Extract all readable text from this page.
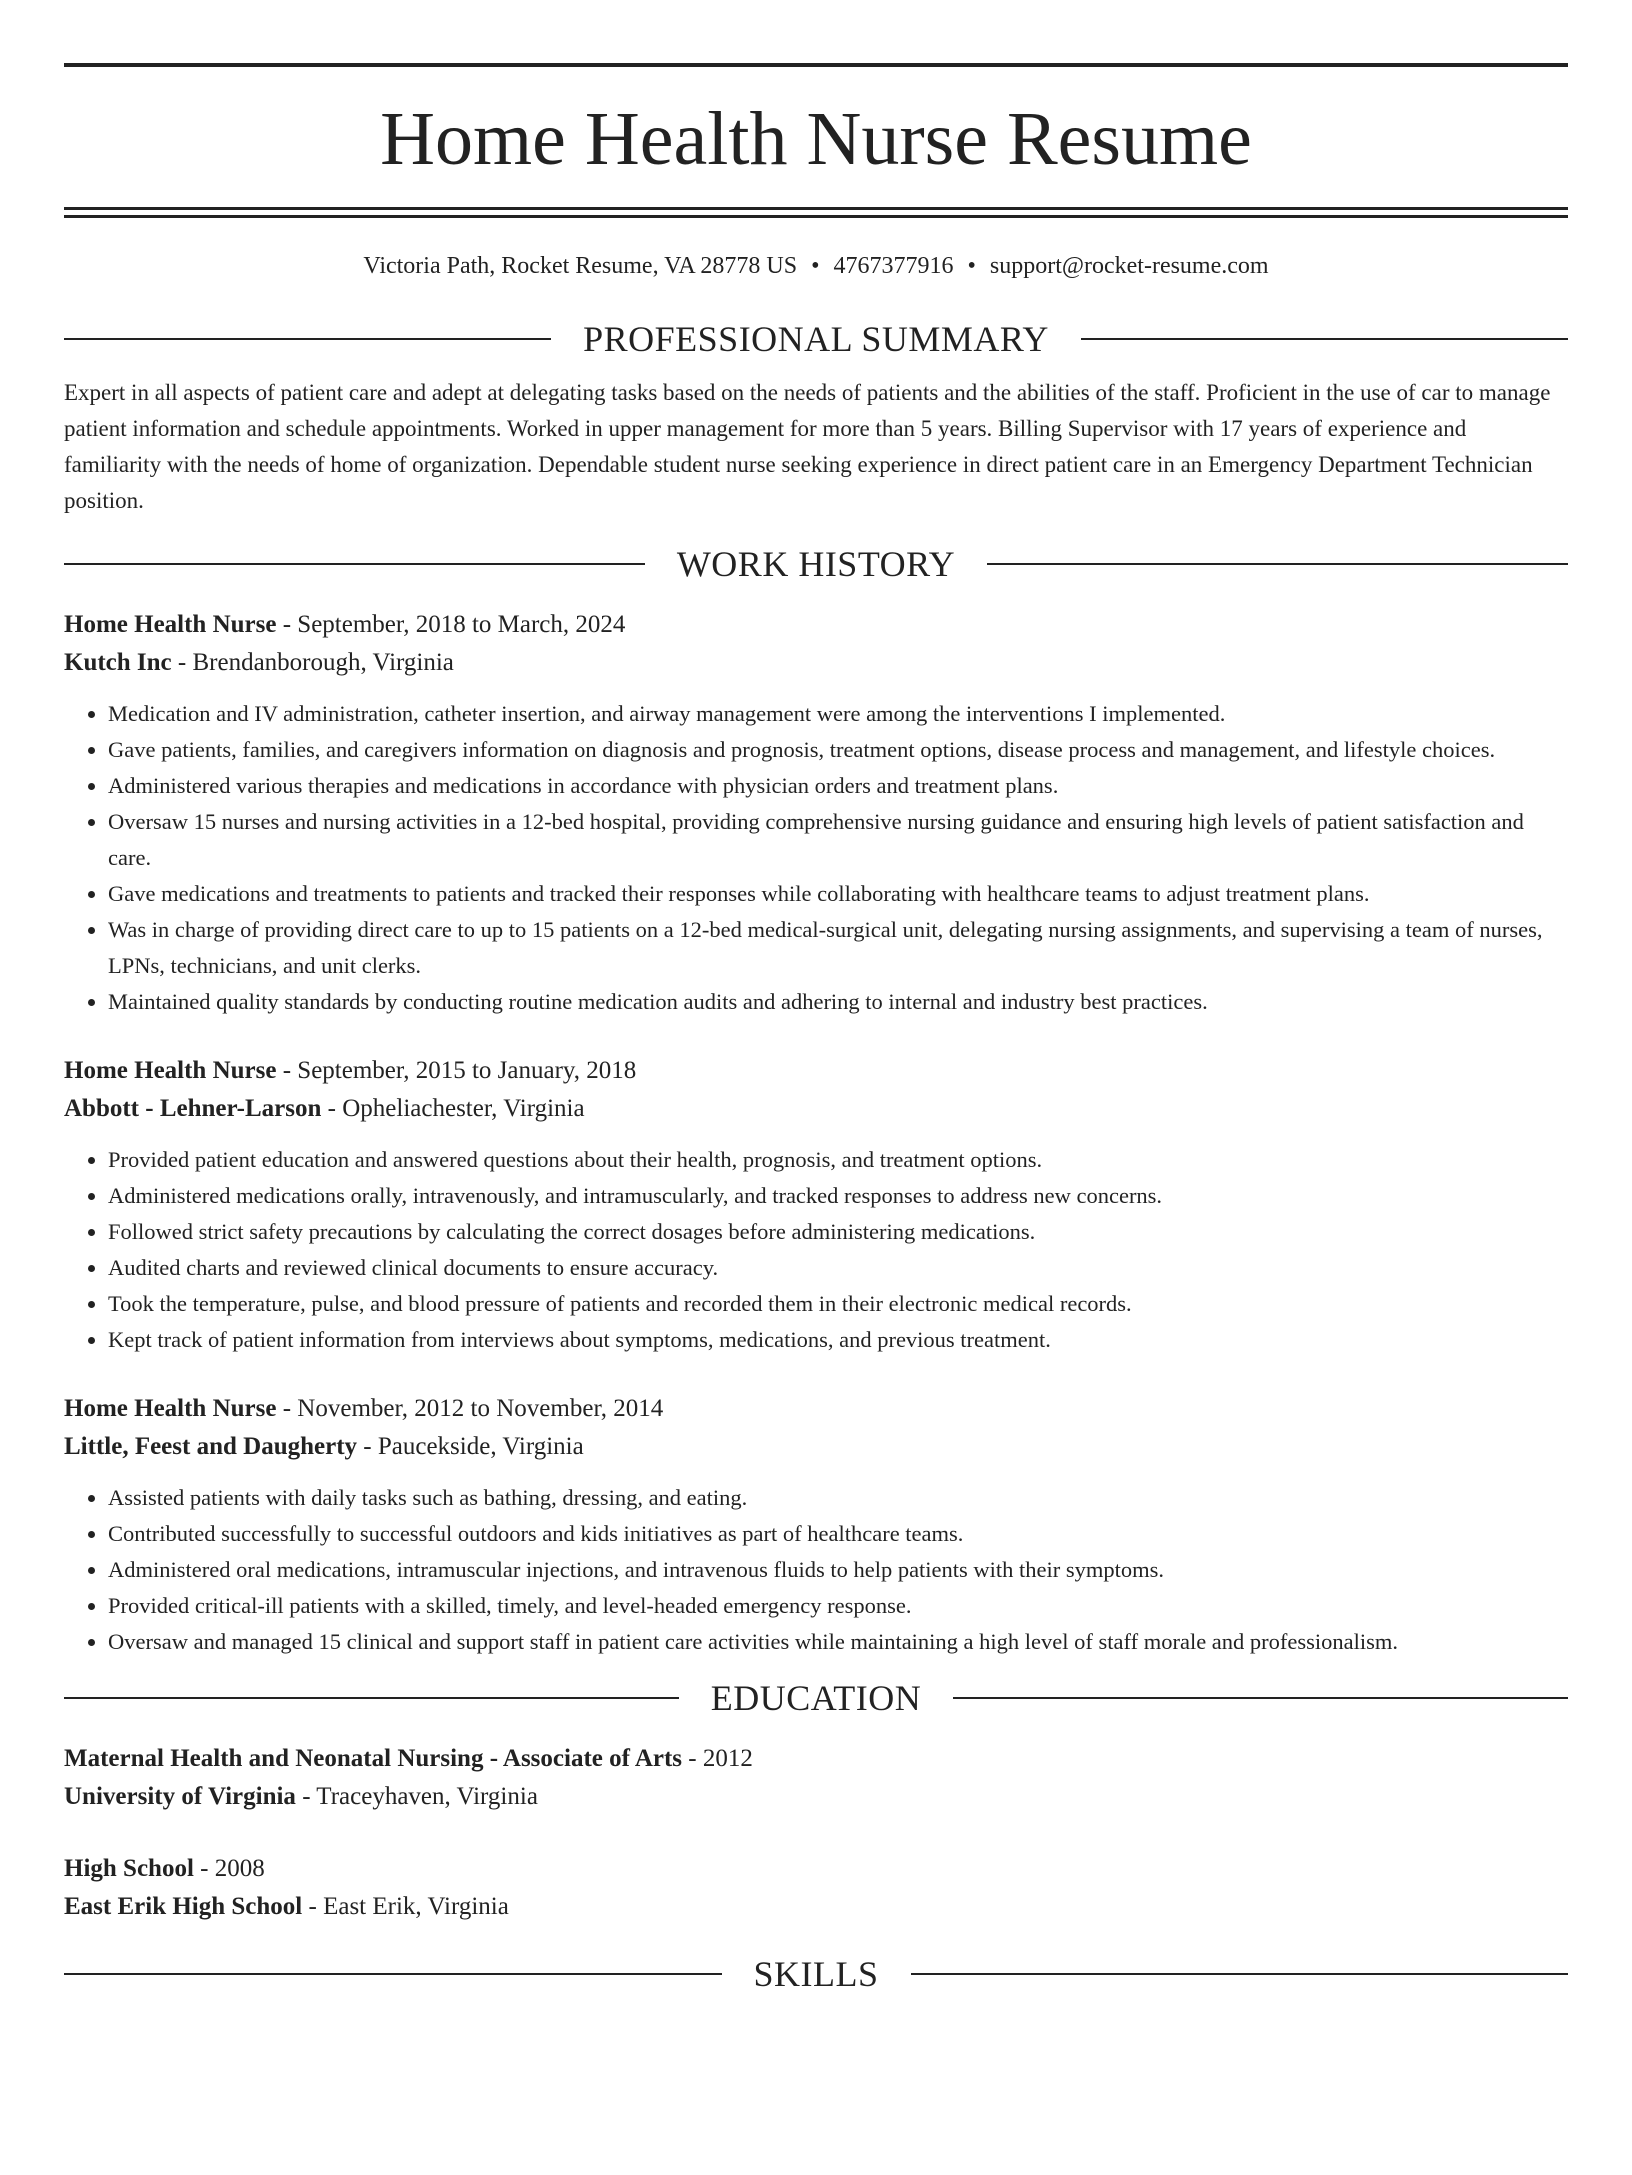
Home Health Nurse Resume
Victoria Path, Rocket Resume, VA 28778 US • 4767377916 • support@rocket-resume.com
PROFESSIONAL SUMMARY

Expert in all aspects of patient care and adept at delegating tasks based on the needs of patients and the abilities of the staff. Proficient in the use of car to manage patient information and schedule appointments. Worked in upper management for more than 5 years. Billing Supervisor with 17 years of experience and familiarity with the needs of home of organization. Dependable student nurse seeking experience in direct patient care in an Emergency Department Technician position.

WORK HISTORY
Home Health Nurse - September, 2018 to March, 2024
Kutch Inc - Brendanborough, Virginia
• Medication and IV administration, catheter insertion, and airway management were among the interventions I implemented.
• Gave patients, families, and caregivers information on diagnosis and prognosis, treatment options, disease process and management, and lifestyle choices.
• Administered various therapies and medications in accordance with physician orders and treatment plans.
• Oversaw 15 nurses and nursing activities in a 12-bed hospital, providing comprehensive nursing guidance and ensuring high levels of patient satisfaction and care.
• Gave medications and treatments to patients and tracked their responses while collaborating with healthcare teams to adjust treatment plans.
• Was in charge of providing direct care to up to 15 patients on a 12-bed medical-surgical unit, delegating nursing assignments, and supervising a team of nurses, LPNs, technicians, and unit clerks.
• Maintained quality standards by conducting routine medication audits and adhering to internal and industry best practices.
Home Health Nurse - September, 2015 to January, 2018
Abbott - Lehner-Larson - Opheliachester, Virginia
• Provided patient education and answered questions about their health, prognosis, and treatment options.
• Administered medications orally, intravenously, and intramuscularly, and tracked responses to address new concerns.
• Followed strict safety precautions by calculating the correct dosages before administering medications.
• Audited charts and reviewed clinical documents to ensure accuracy.
• Took the temperature, pulse, and blood pressure of patients and recorded them in their electronic medical records.
• Kept track of patient information from interviews about symptoms, medications, and previous treatment.
Home Health Nurse - November, 2012 to November, 2014
Little, Feest and Daugherty - Paucekside, Virginia
• Assisted patients with daily tasks such as bathing, dressing, and eating.
• Contributed successfully to successful outdoors and kids initiatives as part of healthcare teams.
• Administered oral medications, intramuscular injections, and intravenous fluids to help patients with their symptoms.
• Provided critical-ill patients with a skilled, timely, and level-headed emergency response.
• Oversaw and managed 15 clinical and support staff in patient care activities while maintaining a high level of staff morale and professionalism.
EDUCATION
Maternal Health and Neonatal Nursing - Associate of Arts - 2012
University of Virginia - Traceyhaven, Virginia
High School - 2008
East Erik High School - East Erik, Virginia
SKILLS
